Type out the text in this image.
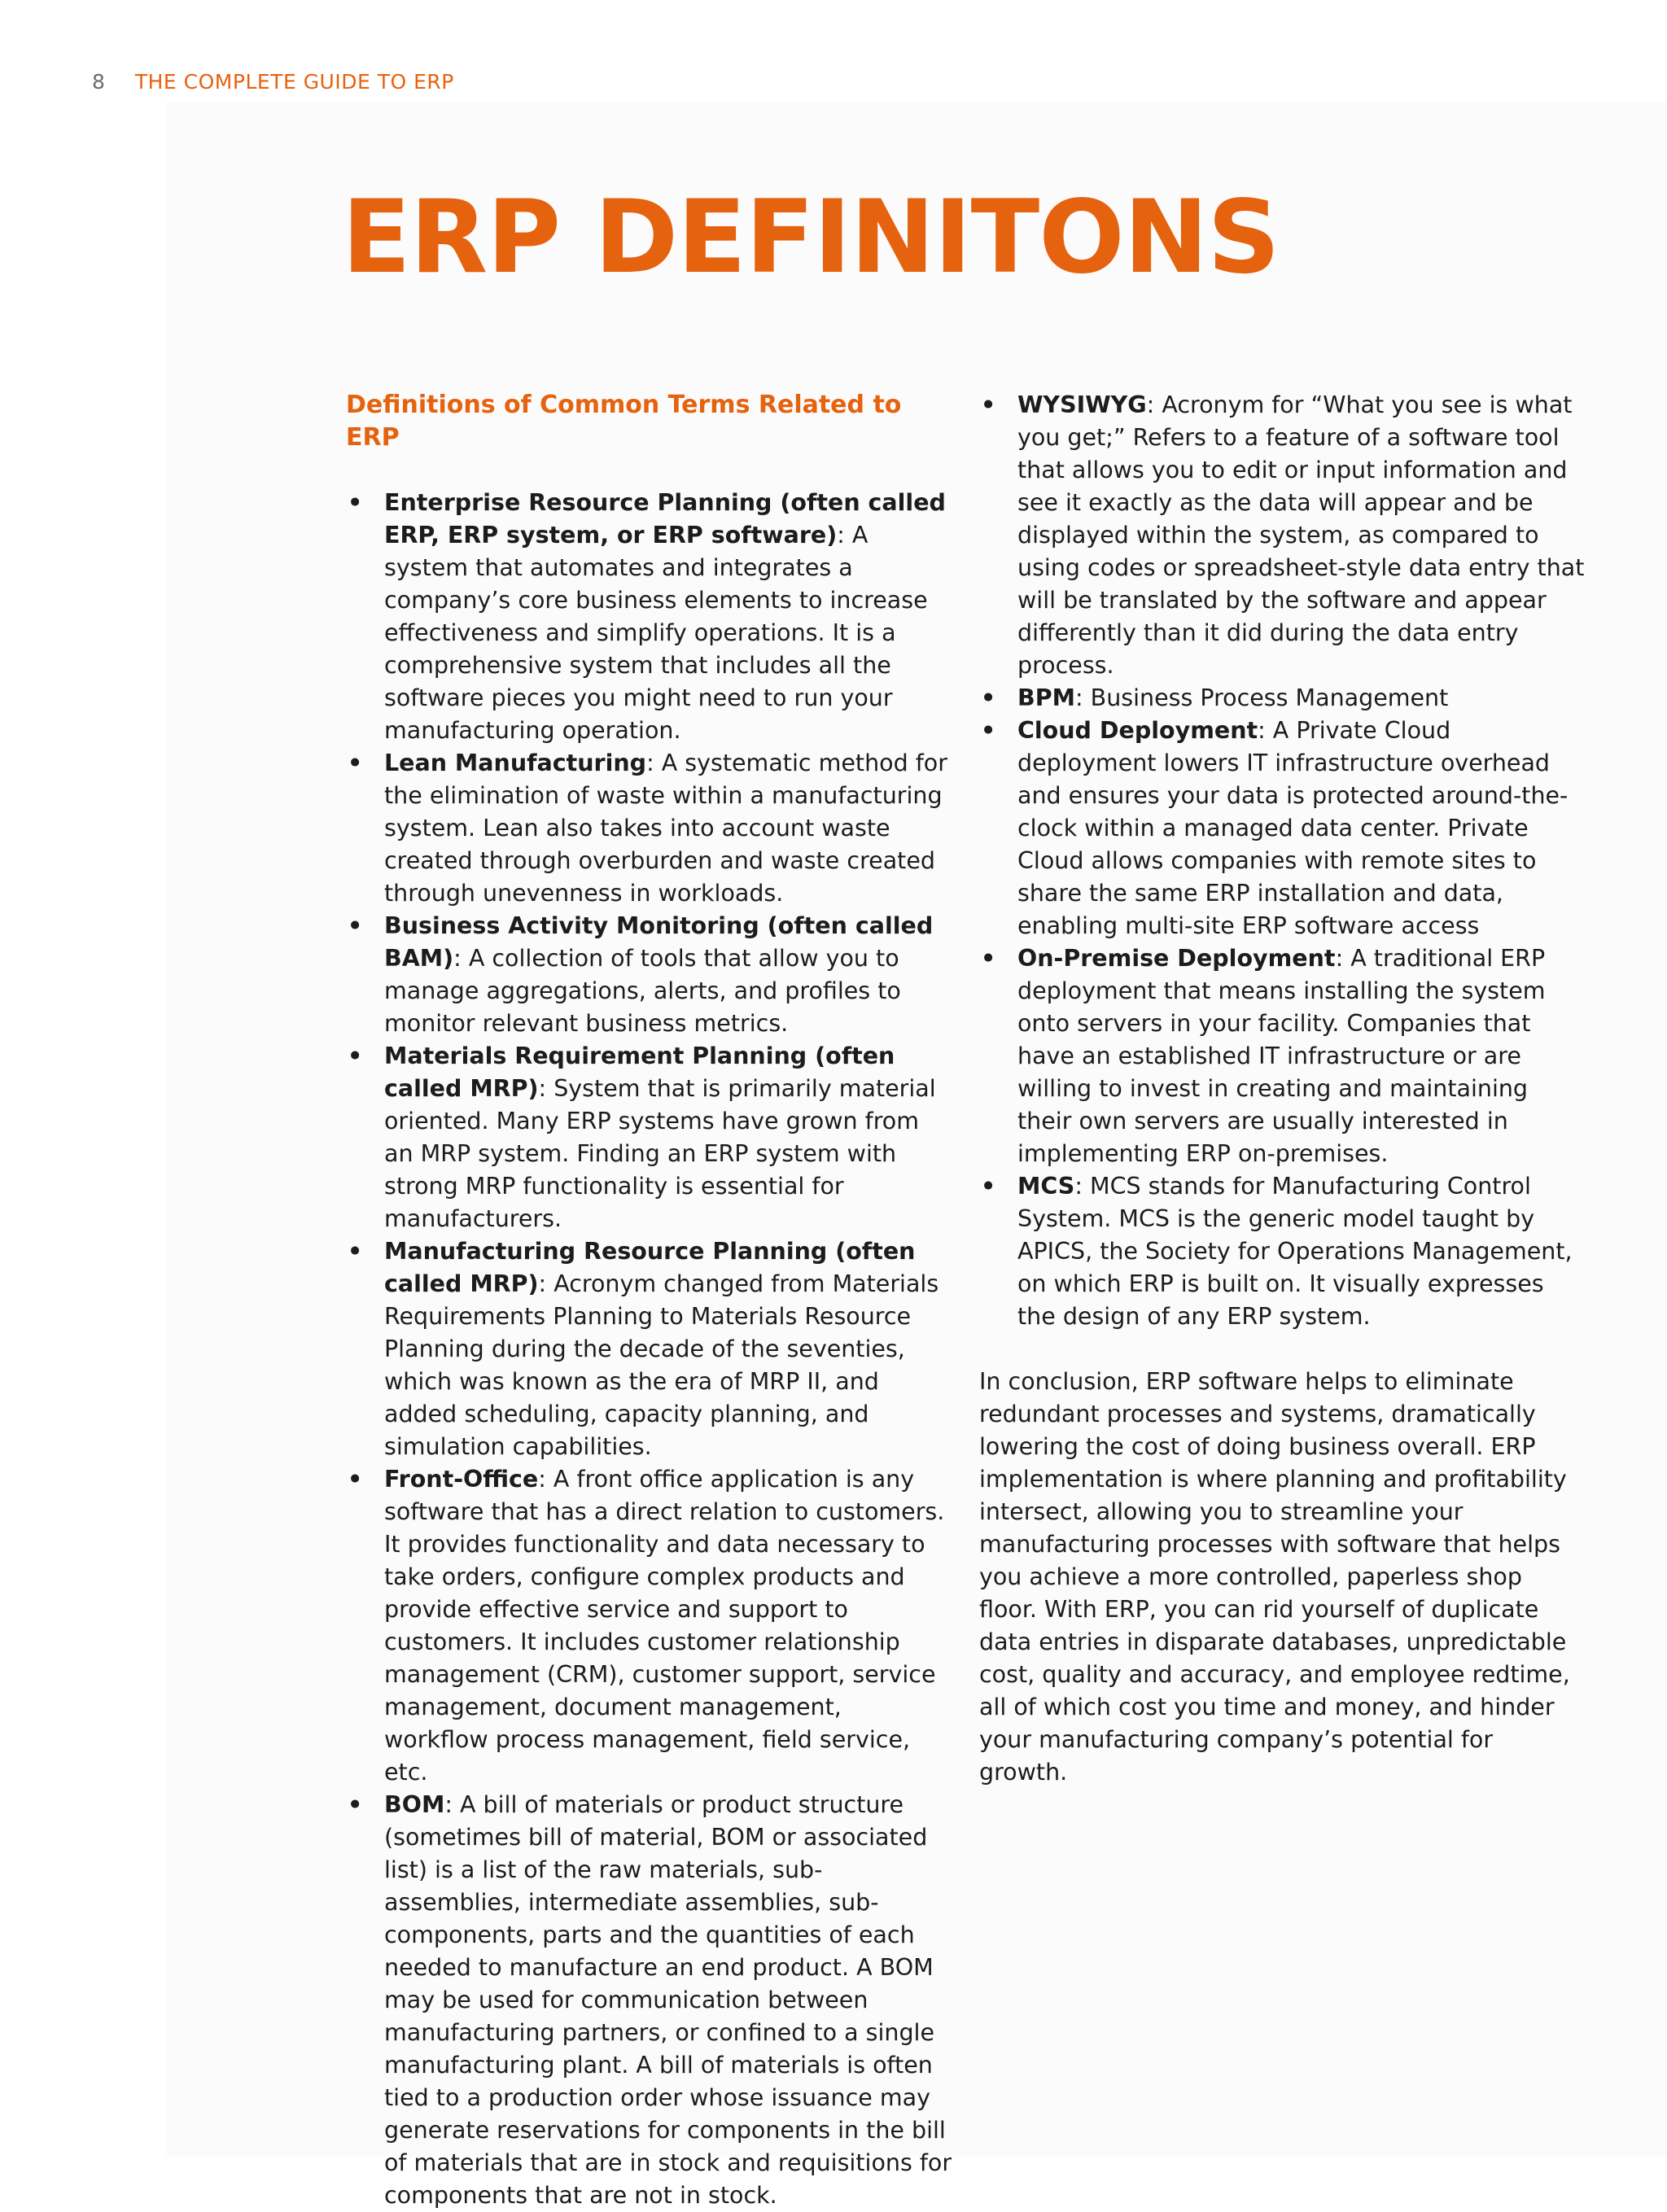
8 THE COMPLETE GUIDE TO ERP
ERP DEFINITONS
Definitions of Common Terms Related to ERP
• Enterprise Resource Planning (often called ERP, ERP system, or ERP software): A system that automates and integrates a company’s core business elements to increase effectiveness and simplify operations. It is a comprehensive system that includes all the software pieces you might need to run your manufacturing operation.
• Lean Manufacturing: A systematic method for the elimination of waste within a manufacturing system. Lean also takes into account waste created through overburden and waste created through unevenness in workloads.
• Business Activity Monitoring (often called BAM): A collection of tools that allow you to manage aggregations, alerts, and profiles to monitor relevant business metrics.
• Materials Requirement Planning (often called MRP): System that is primarily material oriented. Many ERP systems have grown from an MRP system. Finding an ERP system with strong MRP functionality is essential for manufacturers.
• Manufacturing Resource Planning (often called MRP): Acronym changed from Materials Requirements Planning to Materials Resource Planning during the decade of the seventies, which was known as the era of MRP II, and added scheduling, capacity planning, and simulation capabilities.
• Front-Office: A front office application is any software that has a direct relation to customers. It provides functionality and data necessary to take orders, configure complex products and provide effective service and support to customers. It includes customer relationship management (CRM), customer support, service management, document management, workflow process management, field service, etc.
• BOM: A bill of materials or product structure (sometimes bill of material, BOM or associated list) is a list of the raw materials, sub-assemblies, intermediate assemblies, sub-components, parts and the quantities of each needed to manufacture an end product. A BOM may be used for communication between manufacturing partners, or confined to a single manufacturing plant. A bill of materials is often tied to a production order whose issuance may generate reservations for components in the bill of materials that are in stock and requisitions for components that are not in stock.
• WYSIWYG: Acronym for “What you see is what you get;” Refers to a feature of a software tool that allows you to edit or input information and see it exactly as the data will appear and be displayed within the system, as compared to using codes or spreadsheet-style data entry that will be translated by the software and appear differently than it did during the data entry process.
• BPM: Business Process Management
• Cloud Deployment: A Private Cloud deployment lowers IT infrastructure overhead and ensures your data is protected around-the-clock within a managed data center. Private Cloud allows companies with remote sites to share the same ERP installation and data, enabling multi-site ERP software access
• On-Premise Deployment: A traditional ERP deployment that means installing the system onto servers in your facility. Companies that have an established IT infrastructure or are willing to invest in creating and maintaining their own servers are usually interested in implementing ERP on-premises.
• MCS: MCS stands for Manufacturing Control System. MCS is the generic model taught by APICS, the Society for Operations Management, on which ERP is built on. It visually expresses the design of any ERP system.

In conclusion, ERP software helps to eliminate redundant processes and systems, dramatically lowering the cost of doing business overall. ERP implementation is where planning and profitability intersect, allowing you to streamline your manufacturing processes with software that helps you achieve a more controlled, paperless shop floor. With ERP, you can rid yourself of duplicate data entries in disparate databases, unpredictable cost, quality and accuracy, and employee redtime, all of which cost you time and money, and hinder your manufacturing company’s potential for growth.
